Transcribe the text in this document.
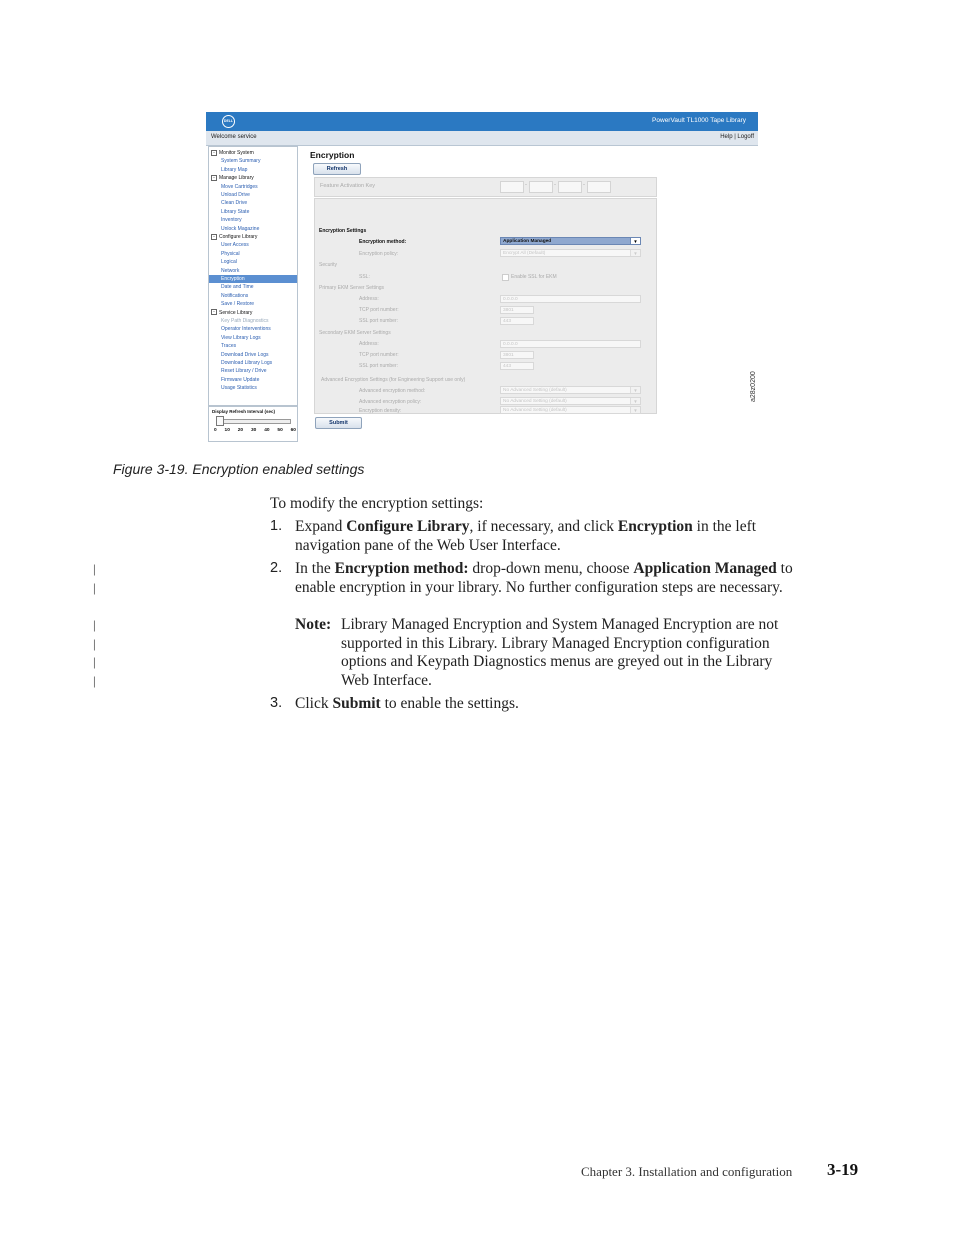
DELL	PowerVault TL1000 Tape Library
Welcome service	Help | Logoff
− Monitor System
System Summary
Library Map
− Manage Library
Move Cartridges
Unload Drive
Clean Drive
Library State
Inventory
Unlock Magazine
− Configure Library
User Access
Physical
Logical
Network
Encryption
Date and Time
Notifications
Save / Restore
− Service Library
Key Path Diagnostics
Operator Interventions
View Library Logs
Traces
Download Drive Logs
Download Library Logs
Reset Library / Drive
Firmware Update
Usage Statistics
Display Refresh Interval (sec)
0 10 20 30 40 50 60
Encryption
Refresh
Feature Activation Key	-	-	-
Encryption Settings
Encryption method:	Application Managed	▼
Encryption policy:	Encrypt All (Default)	▼
Security
SSL:	Enable SSL for EKM
Primary EKM Server Settings
Address:	0.0.0.0
TCP port number:	3801
SSL port number:	443
Secondary EKM Server Settings
Address:	0.0.0.0
TCP port number:	3801
SSL port number:	443
Advanced Encryption Settings (for Engineering Support use only)
Advanced encryption method:	No Advanced Setting (default)	▼
Advanced encryption policy:	No Advanced Setting (default)	▼
Encryption density:	No Advanced Setting (default)	▼
Submit
a28z0200
Figure 3-19. Encryption enabled settings
To modify the encryption settings:
1. Expand Configure Library, if necessary, and click Encryption in the left
navigation pane of the Web User Interface.
|
|
2. In the Encryption method: drop-down menu, choose Application Managed to
enable encryption in your library. No further configuration steps are necessary.
|
|
|
|
Note: Library Managed Encryption and System Managed Encryption are not
supported in this Library. Library Managed Encryption configuration
options and Keypath Diagnostics menus are greyed out in the Library
Web Interface.
3. Click Submit to enable the settings.
Chapter 3. Installation and configuration 3-19
